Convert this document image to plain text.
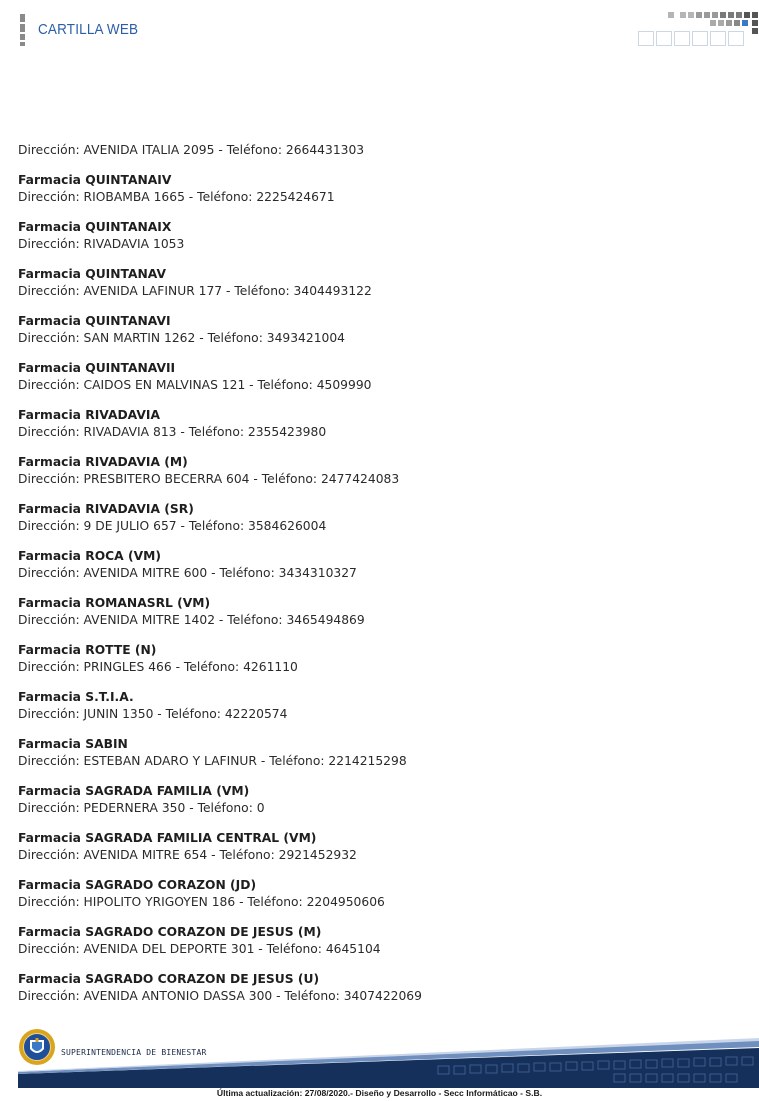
CARTILLA WEB
Dirección: AVENIDA ITALIA 2095 - Teléfono: 2664431303
Farmacia QUINTANAIV
Dirección: RIOBAMBA 1665 - Teléfono: 2225424671
Farmacia QUINTANAIX
Dirección: RIVADAVIA 1053
Farmacia QUINTANAV
Dirección: AVENIDA LAFINUR 177 - Teléfono: 3404493122
Farmacia QUINTANAVI
Dirección: SAN MARTIN 1262 - Teléfono: 3493421004
Farmacia QUINTANAVII
Dirección: CAIDOS EN MALVINAS 121 - Teléfono: 4509990
Farmacia RIVADAVIA
Dirección: RIVADAVIA 813 - Teléfono: 2355423980
Farmacia RIVADAVIA (M)
Dirección: PRESBITERO BECERRA 604 - Teléfono: 2477424083
Farmacia RIVADAVIA (SR)
Dirección: 9 DE JULIO 657 - Teléfono: 3584626004
Farmacia ROCA (VM)
Dirección: AVENIDA MITRE 600 - Teléfono: 3434310327
Farmacia ROMANASRL (VM)
Dirección: AVENIDA MITRE 1402 - Teléfono: 3465494869
Farmacia ROTTE (N)
Dirección: PRINGLES 466 - Teléfono: 4261110
Farmacia S.T.I.A.
Dirección: JUNIN 1350 - Teléfono: 42220574
Farmacia SABIN
Dirección: ESTEBAN ADARO Y LAFINUR - Teléfono: 2214215298
Farmacia SAGRADA FAMILIA (VM)
Dirección: PEDERNERA 350 - Teléfono: 0
Farmacia SAGRADA FAMILIA CENTRAL (VM)
Dirección: AVENIDA MITRE 654 - Teléfono: 2921452932
Farmacia SAGRADO CORAZON (JD)
Dirección: HIPOLITO YRIGOYEN 186 - Teléfono: 2204950606
Farmacia SAGRADO CORAZON DE JESUS (M)
Dirección: AVENIDA DEL DEPORTE 301 - Teléfono: 4645104
Farmacia SAGRADO CORAZON DE JESUS (U)
Dirección: AVENIDA ANTONIO DASSA 300 - Teléfono: 3407422069
SUPERINTENDENCIA DE BIENESTAR
Última actualización: 27/08/2020.- Diseño y Desarrollo - Secc Informáticao - S.B.
